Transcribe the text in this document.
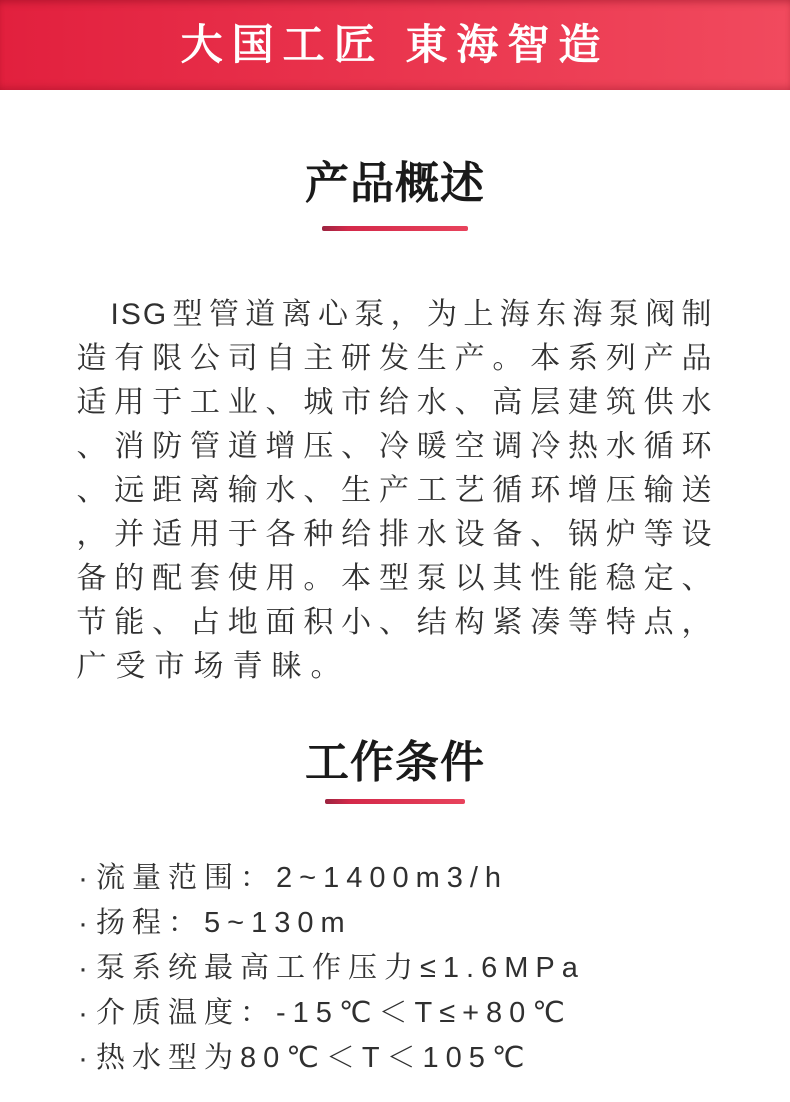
大国工匠 東海智造
产品概述

ISG型管道离心泵，为上海东海泵阀制

造有限公司自主研发生产。本系列产品

适用于工业、城市给水、高层建筑供水

、消防管道增压、冷暖空调冷热水循环

、远距离输水、生产工艺循环增压输送

，并适用于各种给排水设备、锅炉等设

备的配套使用。本型泵以其性能稳定、

节能、占地面积小、结构紧凑等特点，

广受市场青睐。

工作条件
· 流量范围：2~1400m3/h
· 扬程：5~130m
· 泵系统最高工作压力≤1.6MPa
· 介质温度：-15℃＜T≤+80℃
· 热水型为80℃＜T＜105℃
